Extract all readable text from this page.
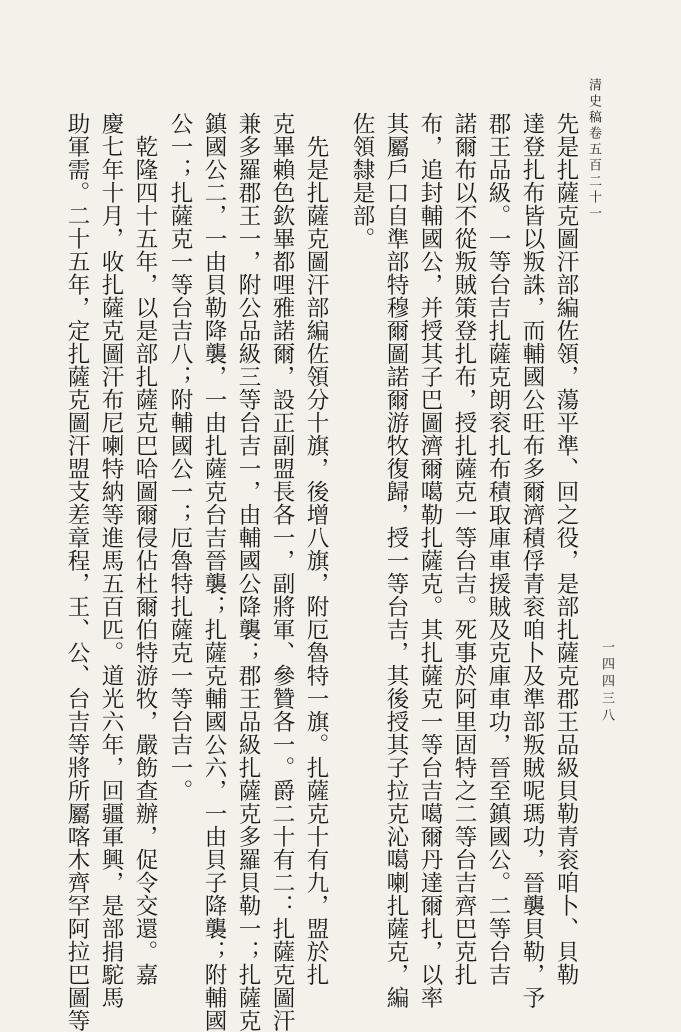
清史稿卷五百二十一
一四四三八
先是扎薩克圖汗部編佐領，蕩平準、回之役，是部扎薩克郡王品級貝勒青衮咱卜、貝勒
達登扎布皆以叛誅，而輔國公旺布多爾濟積俘青衮咱卜及準部叛賊呢瑪功，晉襲貝勒，予
郡王品級。一等台吉扎薩克朗衮扎布積取庫車援賊及克庫車功，晉至鎮國公。二等台吉
諾爾布以不從叛賊策登扎布，授扎薩克一等台吉。死事於阿里固特之二等台吉齊巴克扎
布，追封輔國公，并授其子巴圖濟爾噶勒扎薩克。其扎薩克一等台吉噶爾丹達爾扎，以率
其屬戶口自準部特穆爾圖諾爾游牧復歸，授一等台吉，其後授其子拉克沁噶喇扎薩克，編
佐領隸是部。
先是扎薩克圖汗部編佐領分十旗，後增八旗，附厄魯特一旗。扎薩克十有九，盟於扎
克畢賴色欽畢都哩雅諾爾，設正副盟長各一，副將軍、參贊各一。爵二十有二：扎薩克圖汗
兼多羅郡王一，附公品級三等台吉一，由輔國公降襲；郡王品級扎薩克多羅貝勒一；扎薩克
鎮國公二，一由貝勒降襲，一由扎薩克台吉晉襲；扎薩克輔國公六，一由貝子降襲；附輔國
公一；扎薩克一等台吉八；附輔國公一；厄魯特扎薩克一等台吉一。
乾隆四十五年，以是部扎薩克巴哈圖爾侵佔杜爾伯特游牧，嚴飭查辦，促令交還。嘉
慶七年十月，收扎薩克圖汗布尼喇特納等進馬五百匹。道光六年，回疆軍興，是部捐駝馬
助軍需。二十五年，定扎薩克圖汗盟支差章程，王、公、台吉等將所屬喀木齊罕阿拉巴圖等
